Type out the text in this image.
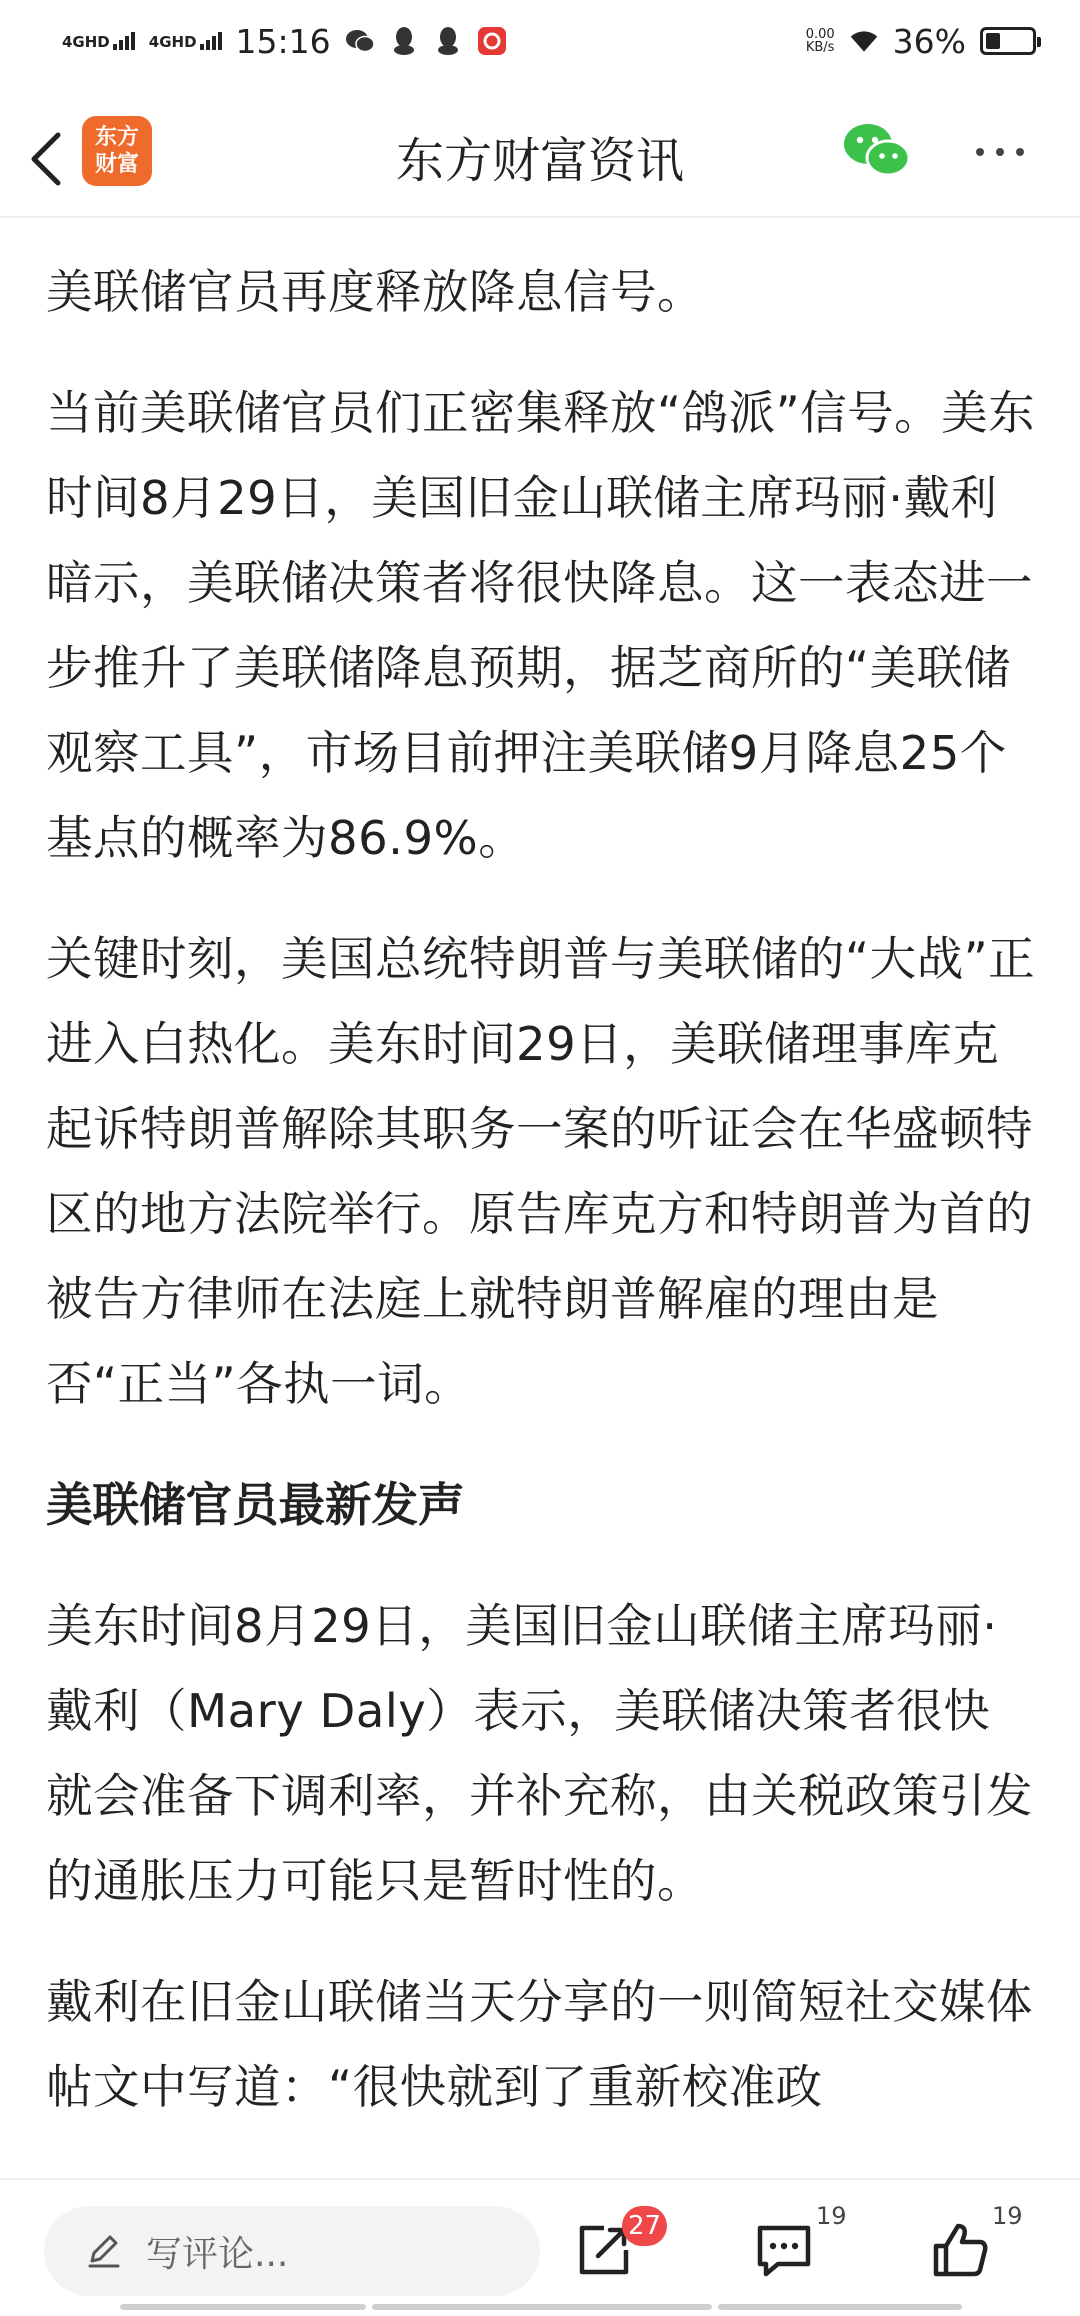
4GHD	4GHD 15:16	0.00
KB/s 36%
东方财富	东方财富资讯

美联储官员再度释放降息信号。

当前美联储官员们正密集释放“鸽派”信号。美东时间8月29日，美国旧金山联储主席玛丽·戴利暗示，美联储决策者将很快降息。这一表态进一步推升了美联储降息预期，据芝商所的“美联储观察工具”，市场目前押注美联储9月降息25个基点的概率为86.9%。

关键时刻，美国总统特朗普与美联储的“大战”正进入白热化。美东时间29日，美联储理事库克起诉特朗普解除其职务一案的听证会在华盛顿特区的地方法院举行。原告库克方和特朗普为首的被告方律师在法庭上就特朗普解雇的理由是否“正当”各执一词。

美联储官员最新发声

美东时间8月29日，美国旧金山联储主席玛丽·戴利（Mary Daly）表示，美联储决策者很快就会准备下调利率，并补充称，由关税政策引发的通胀压力可能只是暂时性的。

戴利在旧金山联储当天分享的一则简短社交媒体帖文中写道：“很快就到了重新校准政

写评论...
27	19	19
